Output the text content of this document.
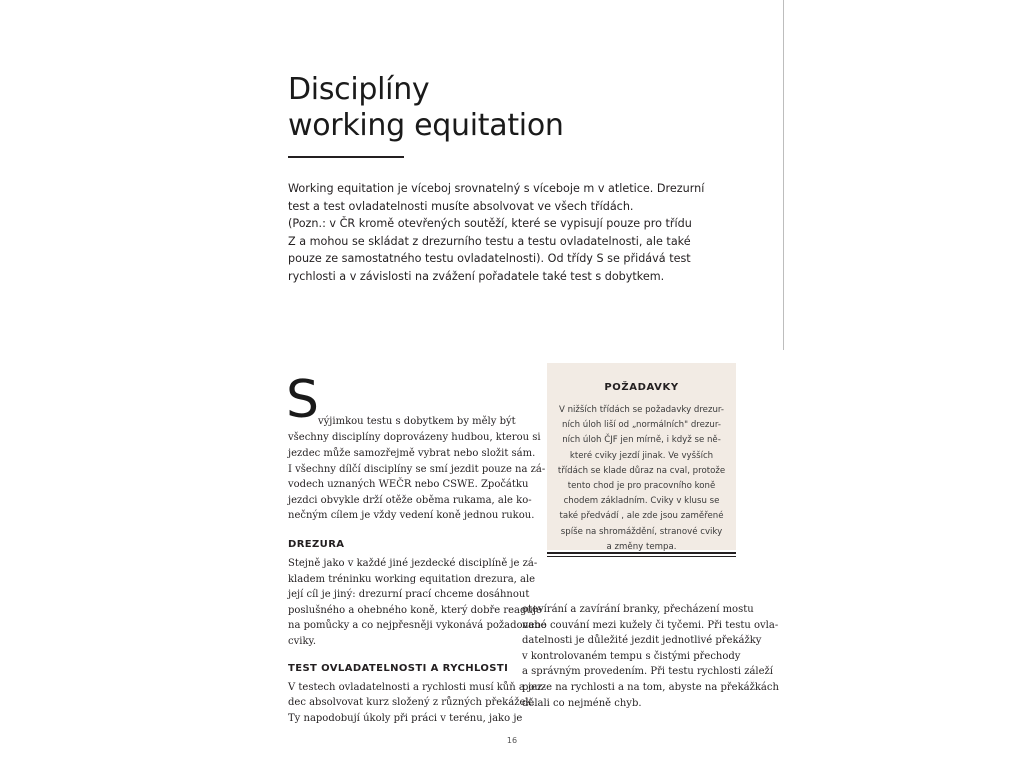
Disciplíny
working equitation
Working equitation je víceboj srovnatelný s víceboje m v atletice. Drezurní
test a test ovladatelnosti musíte absolvovat ve všech třídách.
(Pozn.: v ČR kromě otevřených soutěží, které se vypisují pouze pro třídu
Z a mohou se skládat z drezurního testu a testu ovladatelnosti, ale také
pouze ze samostatného testu ovladatelnosti). Od třídy S se přidává test
rychlosti a v závislosti na zvážení pořadatele také test s dobytkem.
S
výjimkou testu s dobytkem by měly být
všechny disciplíny doprovázeny hudbou, kterou si
jezdec může samozřejmě vybrat nebo složit sám.
I všechny dílčí disciplíny se smí jezdit pouze na zá-
vodech uznaných WEČR nebo CSWE. Zpočátku
jezdci obvykle drží otěže oběma rukama, ale ko-
nečným cílem je vždy vedení koně jednou rukou.
DREZURA
Stejně jako v každé jiné jezdecké disciplíně je zá-
kladem tréninku working equitation drezura, ale
její cíl je jiný: drezurní prací chceme dosáhnout
poslušného a ohebného koně, který dobře reaguje
na pomůcky a co nejpřesněji vykonává požadované
cviky.
TEST OVLADATELNOSTI A RYCHLOSTI
V testech ovladatelnosti a rychlosti musí kůň a jez-
dec absolvovat kurz složený z různých překážek.
Ty napodobují úkoly při práci v terénu, jako je
POŽADAVKY
V nižších třídách se požadavky drezur-
ních úloh liší od „normálních" drezur-
ních úloh ČJF jen mírně, i když se ně-
které cviky jezdí jinak. Ve vyšších
třídách se klade důraz na cval, protože
tento chod je pro pracovního koně
chodem základním. Cviky v klusu se
také předvádí , ale zde jsou zaměřené
spíše na shromáždění, stranové cviky
a změny tempa.
otevírání a zavírání branky, přecházení mostu
nebo couvání mezi kužely či tyčemi. Při testu ovla-
datelnosti je důležité jezdit jednotlivé překážky
v kontrolovaném tempu s čistými přechody
a správným provedením. Při testu rychlosti záleží
pouze na rychlosti a na tom, abyste na překážkách
dělali co nejméně chyb.
16
